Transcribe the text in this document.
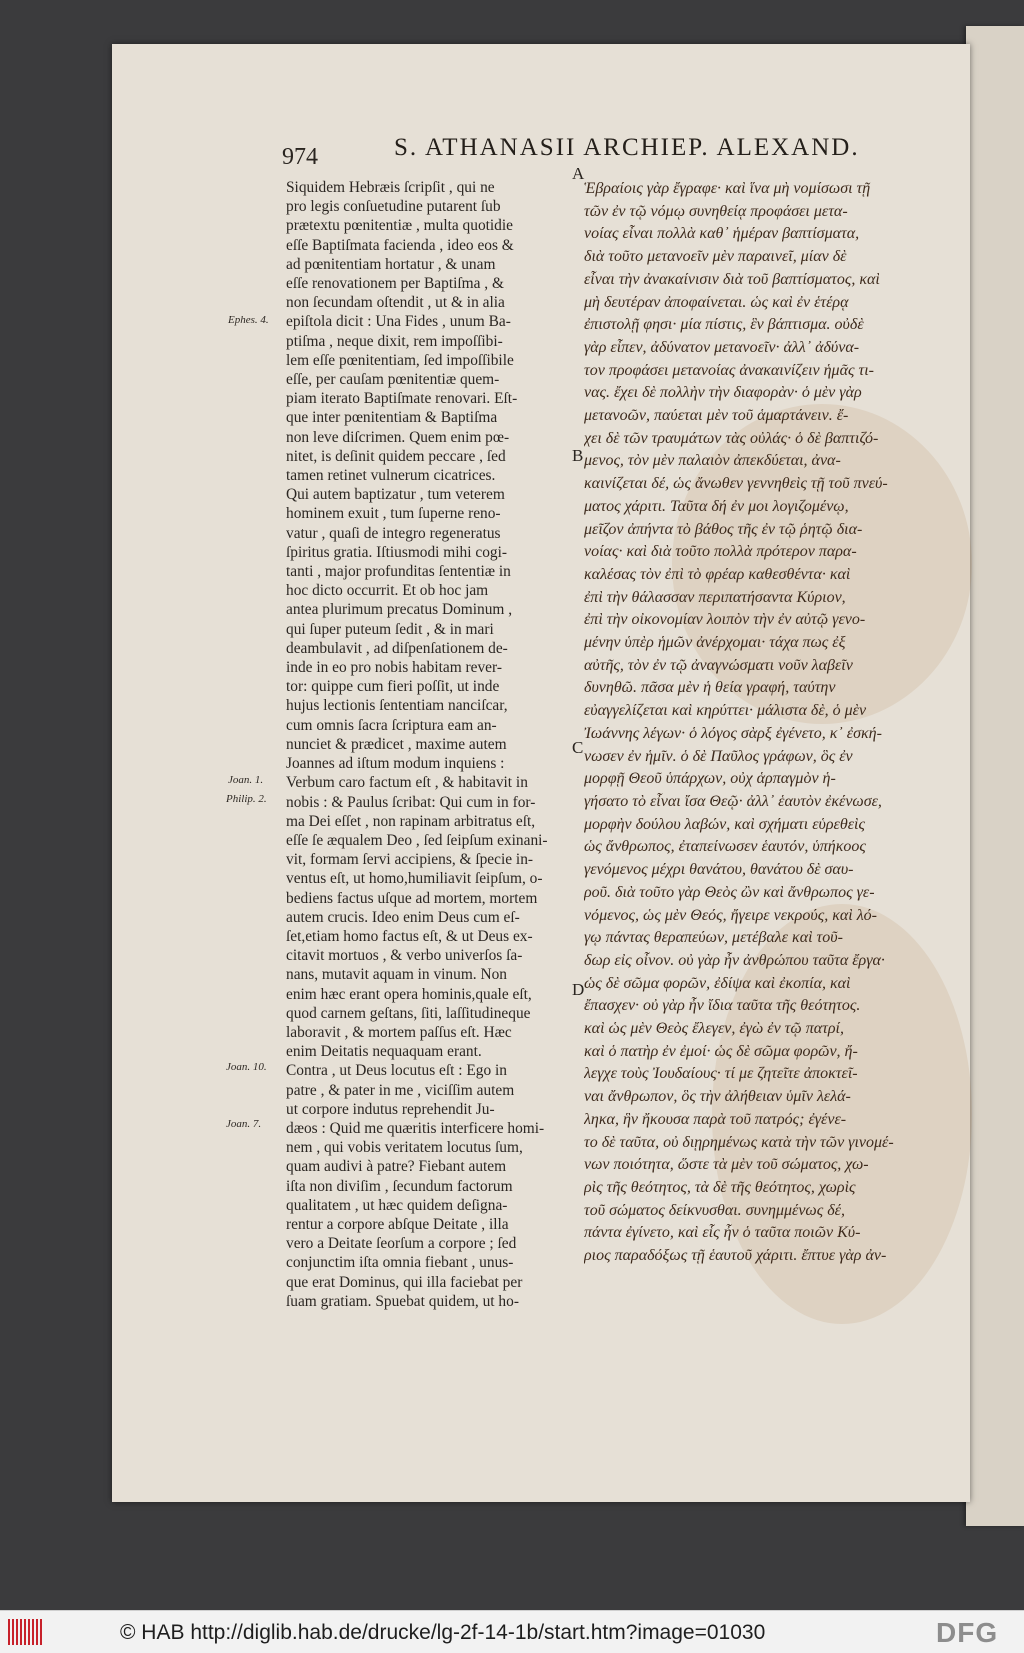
974	S. ATHANASII ARCHIEP. ALEXAND.
A
B
C
D
Ephes. 4.
Joan. 1.
Philip. 2.
Joan. 10.
Joan. 7.
Siquidem Hebræis ſcripſit , qui ne
pro legis conſuetudine putarent ſub
prætextu pœnitentiæ , multa quotidie
eſſe Baptiſmata facienda , ideo eos &
ad pœnitentiam hortatur , & unam
eſſe renovationem per Baptiſma , &
non ſecundam oſtendit , ut & in alia
epiſtola dicit : Una Fides , unum Ba-
ptiſma , neque dixit, rem impoſſibi-
lem eſſe pœnitentiam, ſed impoſſibile
eſſe, per cauſam pœnitentiæ quem-
piam iterato Baptiſmate renovari. Eſt-
que inter pœnitentiam & Baptiſma
non leve diſcrimen. Quem enim pœ-
nitet, is deſinit quidem peccare , ſed
tamen retinet vulnerum cicatrices.
Qui autem baptizatur , tum veterem
hominem exuit , tum ſuperne reno-
vatur , quaſi de integro regeneratus
ſpiritus gratia. Iſtiusmodi mihi cogi-
tanti , major profunditas ſententiæ in
hoc dicto occurrit. Et ob hoc jam
antea plurimum precatus Dominum ,
qui ſuper puteum ſedit , & in mari
deambulavit , ad diſpenſationem de-
inde in eo pro nobis habitam rever-
tor: quippe cum fieri poſſit, ut inde
hujus lectionis ſententiam nanciſcar,
cum omnis ſacra ſcriptura eam an-
nunciet & prædicet , maxime autem
Joannes ad iſtum modum inquiens :
Verbum caro factum eſt , & habitavit in
nobis : & Paulus ſcribat: Qui cum in for-
ma Dei eſſet , non rapinam arbitratus eſt,
eſſe ſe æqualem Deo , ſed ſeipſum exinani-
vit, formam ſervi accipiens, & ſpecie in-
ventus eſt, ut homo,humiliavit ſeipſum, o-
bediens factus uſque ad mortem, mortem
autem crucis. Ideo enim Deus cum eſ-
ſet,etiam homo factus eſt, & ut Deus ex-
citavit mortuos , & verbo univerſos ſa-
nans, mutavit aquam in vinum. Non
enim hæc erant opera hominis,quale eſt,
quod carnem geſtans, ſiti, laſſitudineque
laboravit , & mortem paſſus eſt. Hæc
enim Deitatis nequaquam erant.
Contra , ut Deus locutus eſt : Ego in
patre , & pater in me , viciſſim autem
ut corpore indutus reprehendit Ju-
dæos : Quid me quæritis interficere homi-
nem , qui vobis veritatem locutus ſum,
quam audivi à patre? Fiebant autem
iſta non diviſim , ſecundum factorum
qualitatem , ut hæc quidem deſigna-
rentur a corpore abſque Deitate , illa
vero a Deitate ſeorſum a corpore ; ſed
conjunctim iſta omnia fiebant , unus-
que erat Dominus, qui illa faciebat per
ſuam gratiam. Spuebat quidem, ut ho-
Ἑβραίοις γὰρ ἔγραφε· καὶ ἵνα μὴ νομίσωσι τῇ
τῶν ἐν τῷ νόμῳ συνηθείᾳ προφάσει μετα-
νοίας εἶναι πολλὰ καθ᾽ ἡμέραν βαπτίσματα,
διὰ τοῦτο μετανοεῖν μὲν παραινεῖ, μίαν δὲ
εἶναι τὴν ἀνακαίνισιν διὰ τοῦ βαπτίσματος, καὶ
μὴ δευτέραν ἀποφαίνεται. ὡς καὶ ἐν ἑτέρᾳ
ἐπιστολῇ φησι· μία πίστις, ἓν βάπτισμα. οὐδὲ
γὰρ εἶπεν, ἀδύνατον μετανοεῖν· ἀλλ᾽ ἀδύνα-
τον προφάσει μετανοίας ἀνακαινίζειν ἡμᾶς τι-
νας. ἔχει δὲ πολλὴν τὴν διαφορὰν· ὁ μὲν γὰρ
μετανοῶν, παύεται μὲν τοῦ ἁμαρτάνειν. ἔ-
χει δὲ τῶν τραυμάτων τὰς οὐλάς· ὁ δὲ βαπτιζό-
μενος, τὸν μὲν παλαιὸν ἀπεκδύεται, ἀνα-
καινίζεται δέ, ὡς ἄνωθεν γεννηθεὶς τῇ τοῦ πνεύ-
ματος χάριτι. Ταῦτα δή ἐν μοι λογιζομένῳ,
μεῖζον ἀπήντα τὸ βάθος τῆς ἐν τῷ ῥητῷ δια-
νοίας· καὶ διὰ τοῦτο πολλὰ πρότερον παρα-
καλέσας τὸν ἐπὶ τὸ φρέαρ καθεσθέντα· καὶ
ἐπὶ τὴν θάλασσαν περιπατήσαντα Κύριον,
ἐπὶ τὴν οἰκονομίαν λοιπὸν τὴν ἐν αὐτῷ γενο-
μένην ὑπὲρ ἡμῶν ἀνέρχομαι· τάχα πως ἐξ
αὐτῆς, τὸν ἐν τῷ ἀναγνώσματι νοῦν λαβεῖν
δυνηθῶ. πᾶσα μὲν ἡ θεία γραφή, ταύτην
εὐαγγελίζεται καὶ κηρύττει· μάλιστα δὲ, ὁ μὲν
Ἰωάννης λέγων· ὁ λόγος σὰρξ ἐγένετο, κ᾽ ἐσκή-
νωσεν ἐν ἡμῖν. ὁ δὲ Παῦλος γράφων, ὃς ἐν
μορφῇ Θεοῦ ὑπάρχων, οὐχ ἁρπαγμὸν ἡ-
γήσατο τὸ εἶναι ἴσα Θεῷ· ἀλλ᾽ ἑαυτὸν ἐκένωσε,
μορφὴν δούλου λαβών, καὶ σχήματι εὑρεθεὶς
ὡς ἄνθρωπος, ἐταπείνωσεν ἑαυτόν, ὑπήκοος
γενόμενος μέχρι θανάτου, θανάτου δὲ σαυ-
ροῦ. διὰ τοῦτο γὰρ Θεὸς ὢν καὶ ἄνθρωπος γε-
νόμενος, ὡς μὲν Θεός, ἤγειρε νεκρούς, καὶ λό-
γῳ πάντας θεραπεύων, μετέβαλε καὶ τοῦ-
δωρ εἰς οἶνον. οὐ γὰρ ἦν ἀνθρώπου ταῦτα ἔργα·
ὡς δὲ σῶμα φορῶν, ἐδίψα καὶ ἐκοπία, καὶ
ἔπασχεν· οὐ γὰρ ἦν ἴδια ταῦτα τῆς θεότητος.
καὶ ὡς μὲν Θεὸς ἔλεγεν, ἐγὼ ἐν τῷ πατρί,
καὶ ὁ πατὴρ ἐν ἐμοί· ὡς δὲ σῶμα φορῶν, ἤ-
λεγχε τοὺς Ἰουδαίους· τί με ζητεῖτε ἀποκτεῖ-
ναι ἄνθρωπον, ὃς τὴν ἀλήθειαν ὑμῖν λελά-
ληκα, ἣν ἤκουσα παρὰ τοῦ πατρός; ἐγένε-
το δὲ ταῦτα, οὐ διῃρημένως κατὰ τὴν τῶν γινομέ-
νων ποιότητα, ὥστε τὰ μὲν τοῦ σώματος, χω-
ρὶς τῆς θεότητος, τὰ δὲ τῆς θεότητος, χωρὶς
τοῦ σώματος δείκνυσθαι. συνημμένως δέ,
πάντα ἐγίνετο, καὶ εἷς ἦν ὁ ταῦτα ποιῶν Κύ-
ριος παραδόξως τῇ ἑαυτοῦ χάριτι. ἔπτυε γὰρ ἀν-
© HAB http://diglib.hab.de/drucke/lg-2f-14-1b/start.htm?image=01030	DFG
